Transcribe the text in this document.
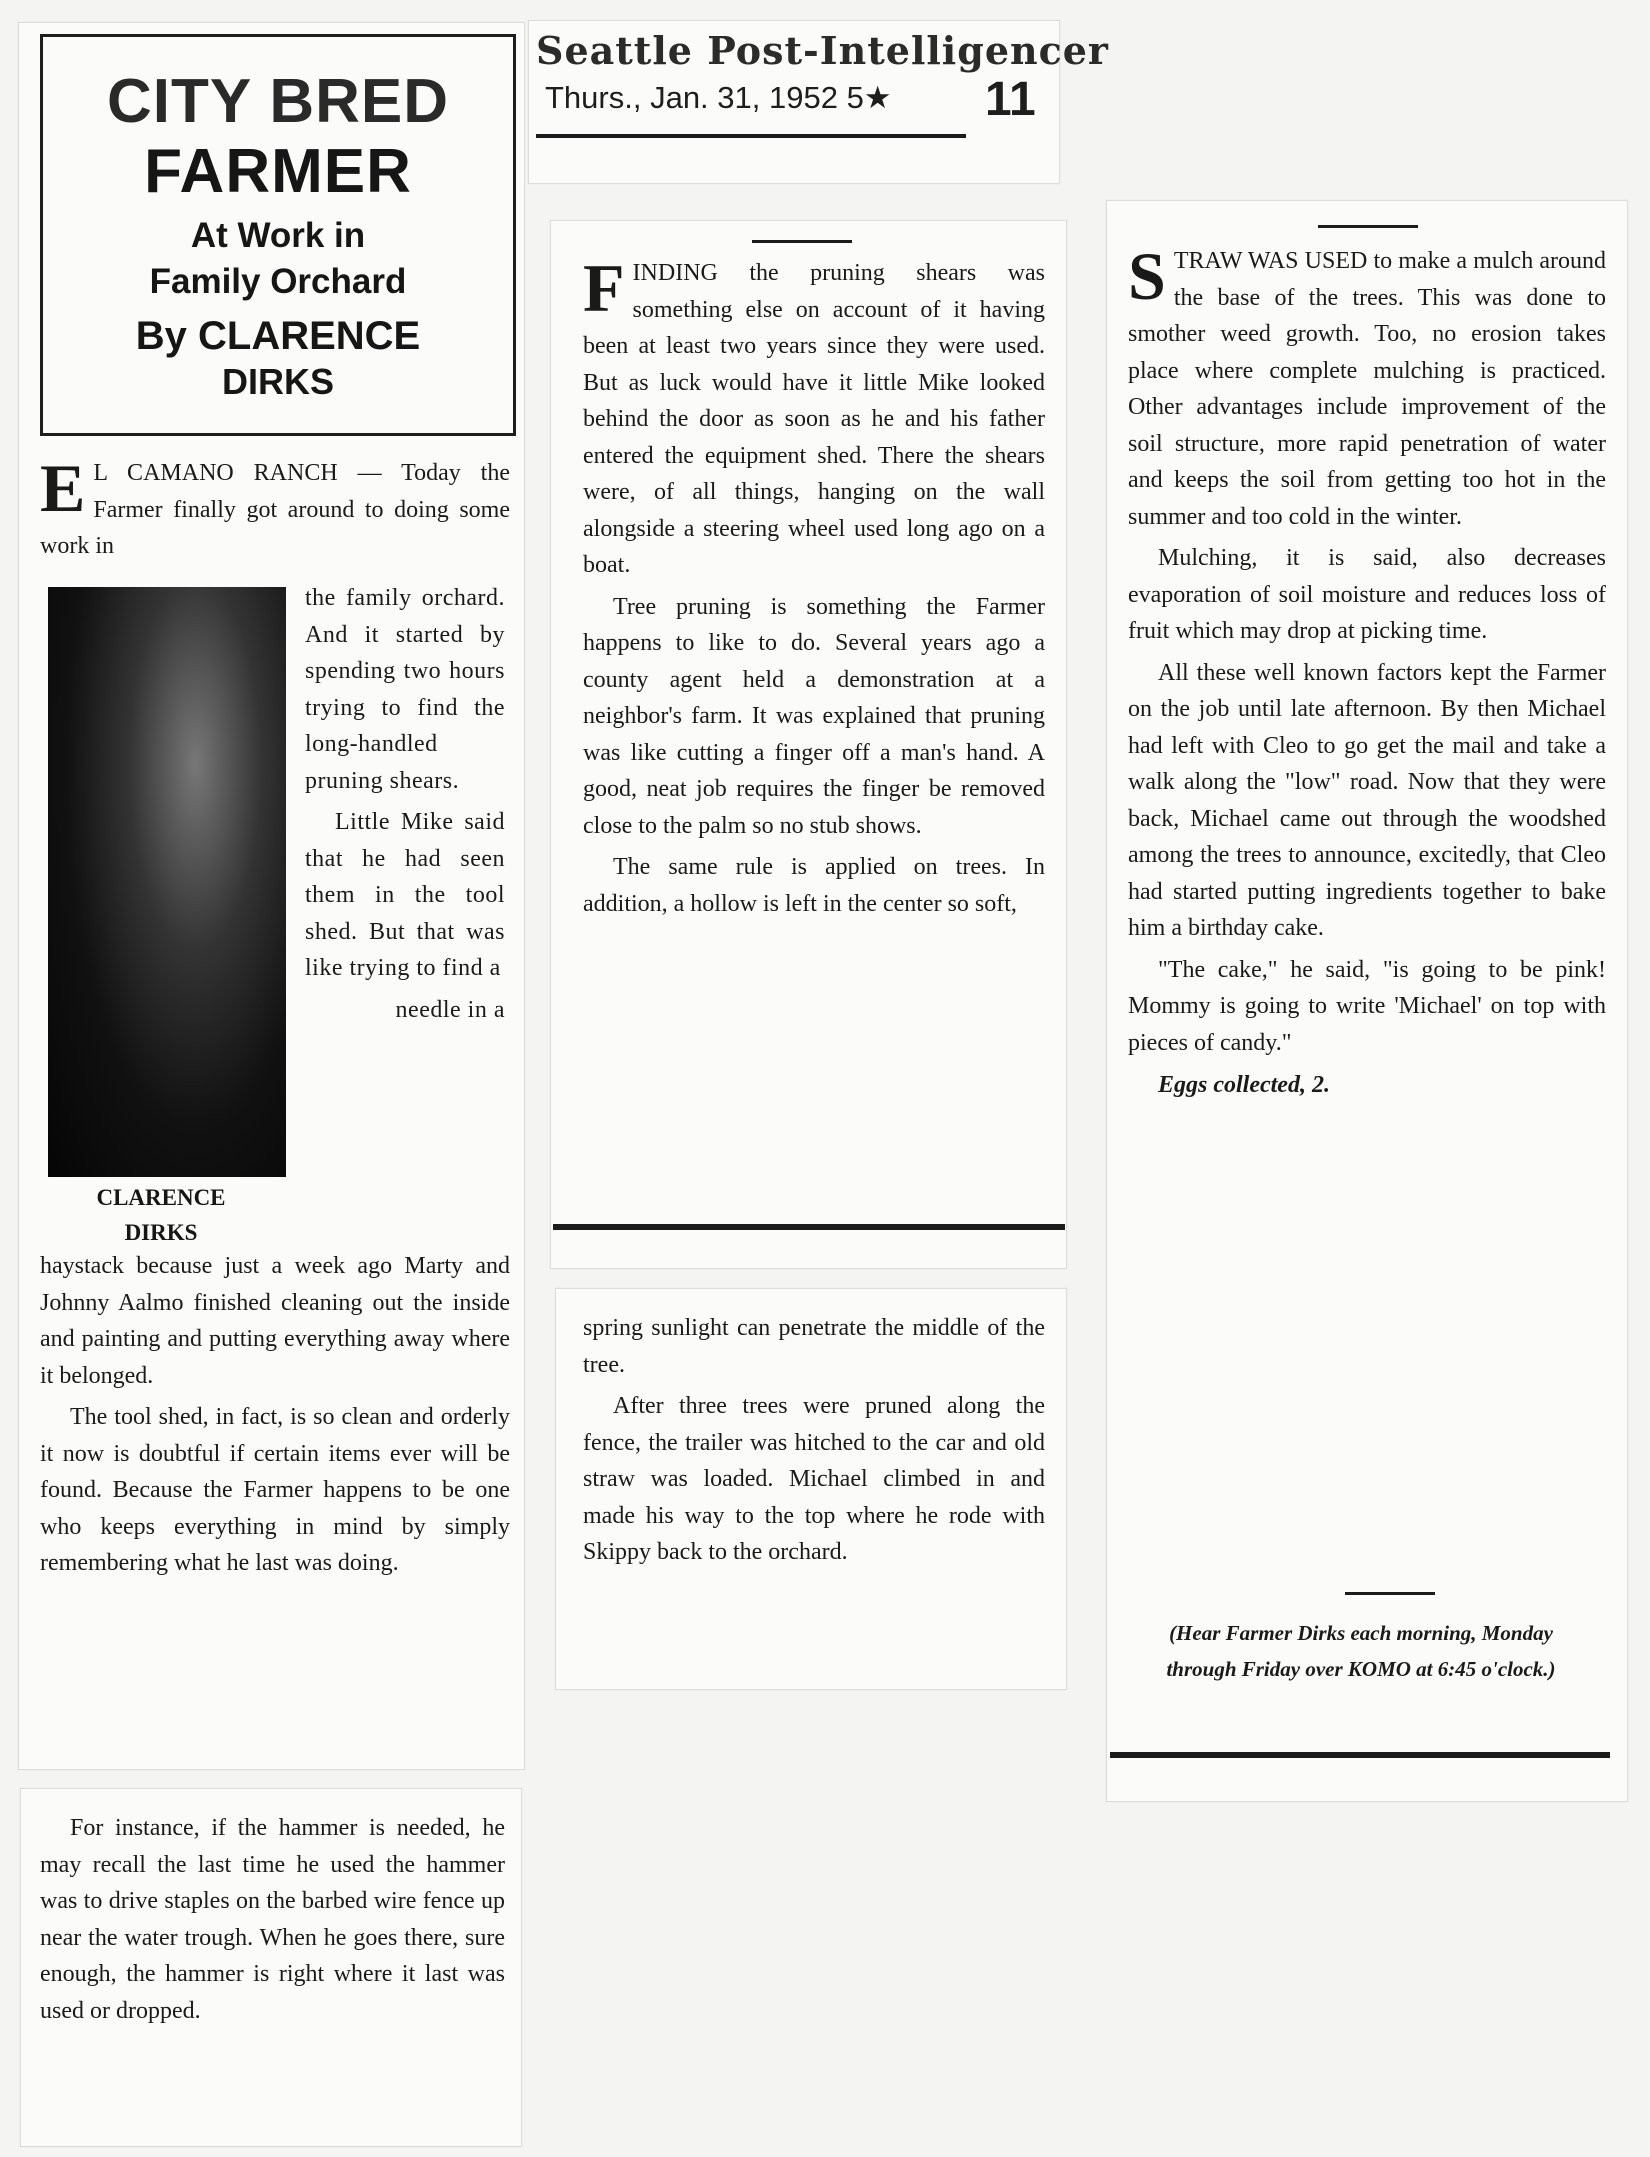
CITY BRED
FARMER
At Work in
Family Orchard
By CLARENCE
DIRKS

E L CAMANO RANCH — Today the Farmer finally got around to doing some work in

CLARENCE
DIRKS

the family orchard. And it started by spending two hours trying to find the long-handled pruning shears.

Little Mike said that he had seen them in the tool shed. But that was like trying to find a

needle in a

haystack because just a week ago Marty and Johnny Aalmo finished cleaning out the inside and painting and putting everything away where it belonged.

The tool shed, in fact, is so clean and orderly it now is doubtful if certain items ever will be found. Because the Farmer happens to be one who keeps everything in mind by simply remembering what he last was doing.

For instance, if the hammer is needed, he may recall the last time he used the hammer was to drive staples on the barbed wire fence up near the water trough. When he goes there, sure enough, the hammer is right where it last was used or dropped.

Seattle Post-Intelligencer
Thurs., Jan. 31, 1952 5★ 11

F INDING the pruning shears was something else on account of it having been at least two years since they were used. But as luck would have it little Mike looked behind the door as soon as he and his father entered the equipment shed. There the shears were, of all things, hanging on the wall alongside a steering wheel used long ago on a boat.

Tree pruning is something the Farmer happens to like to do. Several years ago a county agent held a demonstration at a neighbor's farm. It was explained that pruning was like cutting a finger off a man's hand. A good, neat job requires the finger be removed close to the palm so no stub shows.

The same rule is applied on trees. In addition, a hollow is left in the center so soft,

spring sunlight can penetrate the middle of the tree.

After three trees were pruned along the fence, the trailer was hitched to the car and old straw was loaded. Michael climbed in and made his way to the top where he rode with Skippy back to the orchard.

S TRAW WAS USED to make a mulch around the base of the trees. This was done to smother weed growth. Too, no erosion takes place where complete mulching is practiced. Other advantages include improvement of the soil structure, more rapid penetration of water and keeps the soil from getting too hot in the summer and too cold in the winter.

Mulching, it is said, also decreases evaporation of soil moisture and reduces loss of fruit which may drop at picking time.

All these well known factors kept the Farmer on the job until late afternoon. By then Michael had left with Cleo to go get the mail and take a walk along the "low" road. Now that they were back, Michael came out through the woodshed among the trees to announce, excitedly, that Cleo had started putting ingredients together to bake him a birthday cake.

"The cake," he said, "is going to be pink! Mommy is going to write 'Michael' on top with pieces of candy."

Eggs collected, 2.

(Hear Farmer Dirks each morning, Monday through Friday over KOMO at 6:45 o'clock.)
